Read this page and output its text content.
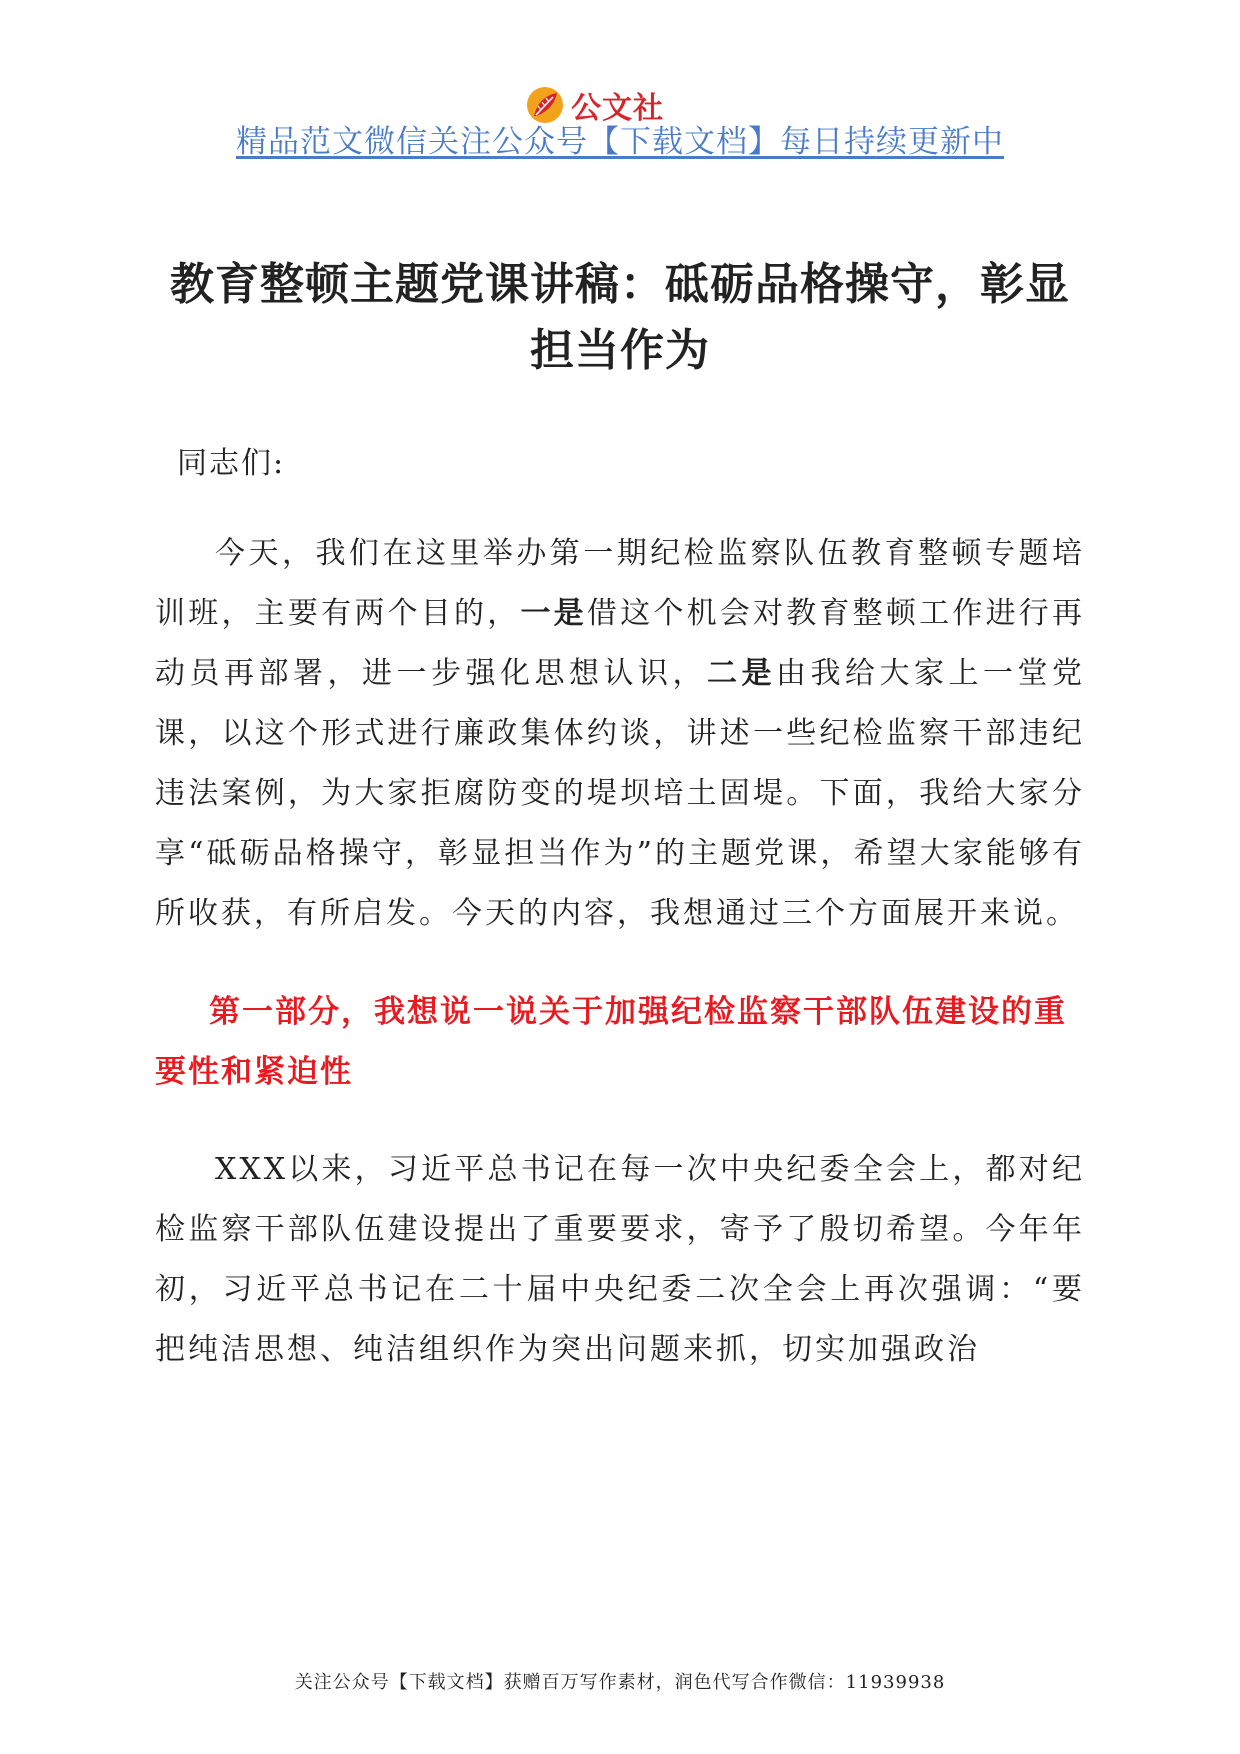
公文社
精品范文微信关注公众号【下载文档】每日持续更新中
教育整顿主题党课讲稿：砥砺品格操守，彰显担当作为

同志们:

今天，我们在这里举办第一期纪检监察队伍教育整顿专题培训班，主要有两个目的，一是借这个机会对教育整顿工作进行再动员再部署，进一步强化思想认识，二是由我给大家上一堂党课，以这个形式进行廉政集体约谈，讲述一些纪检监察干部违纪违法案例，为大家拒腐防变的堤坝培土固堤。下面，我给大家分享“砥砺品格操守，彰显担当作为”的主题党课，希望大家能够有所收获，有所启发。今天的内容，我想通过三个方面展开来说。

第一部分，我想说一说关于加强纪检监察干部队伍建设的重要性和紧迫性

XXX以来，习近平总书记在每一次中央纪委全会上，都对纪检监察干部队伍建设提出了重要要求，寄予了殷切希望。今年年初，习近平总书记在二十届中央纪委二次全会上再次强调：“要把纯洁思想、纯洁组织作为突出问题来抓，切实加强政治

关注公众号【下载文档】获赠百万写作素材，润色代写合作微信：11939938
